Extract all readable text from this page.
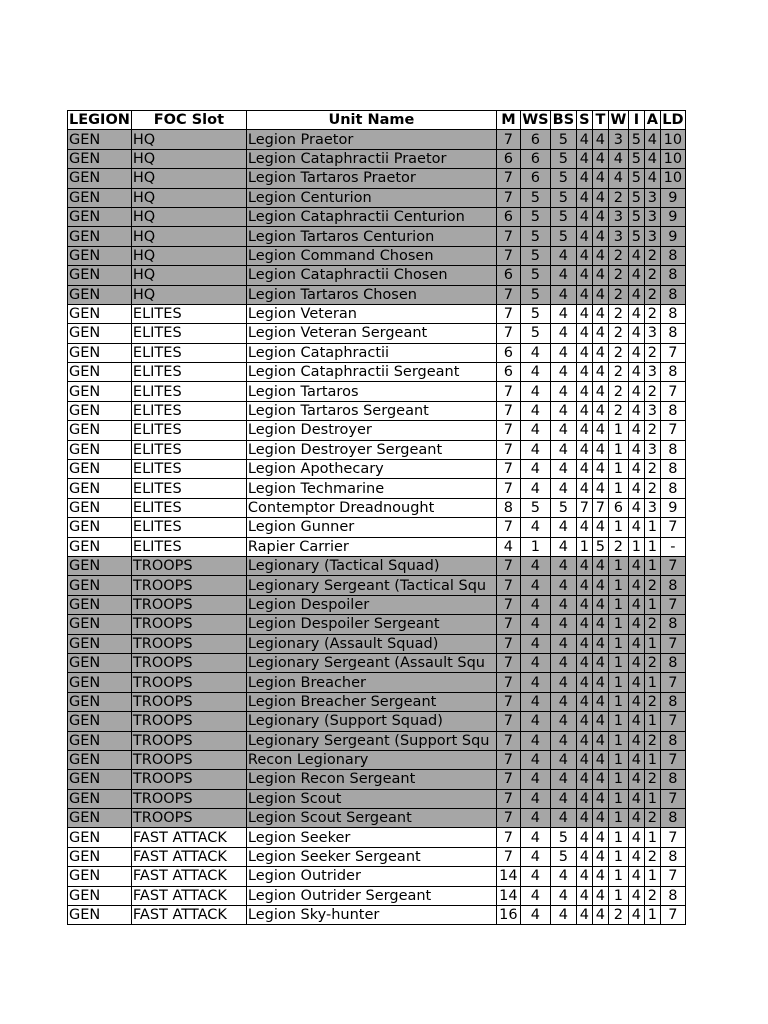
LEGION	FOC Slot	Unit Name	M	WS	BS	S	T	W	I	A	LD
GEN	HQ	Legion Praetor	7	6	5	4	4	3	5	4	10
GEN	HQ	Legion Cataphractii Praetor	6	6	5	4	4	4	5	4	10
GEN	HQ	Legion Tartaros Praetor	7	6	5	4	4	4	5	4	10
GEN	HQ	Legion Centurion	7	5	5	4	4	2	5	3	9
GEN	HQ	Legion Cataphractii Centurion	6	5	5	4	4	3	5	3	9
GEN	HQ	Legion Tartaros Centurion	7	5	5	4	4	3	5	3	9
GEN	HQ	Legion Command Chosen	7	5	4	4	4	2	4	2	8
GEN	HQ	Legion Cataphractii Chosen	6	5	4	4	4	2	4	2	8
GEN	HQ	Legion Tartaros Chosen	7	5	4	4	4	2	4	2	8
GEN	ELITES	Legion Veteran	7	5	4	4	4	2	4	2	8
GEN	ELITES	Legion Veteran Sergeant	7	5	4	4	4	2	4	3	8
GEN	ELITES	Legion Cataphractii	6	4	4	4	4	2	4	2	7
GEN	ELITES	Legion Cataphractii Sergeant	6	4	4	4	4	2	4	3	8
GEN	ELITES	Legion Tartaros	7	4	4	4	4	2	4	2	7
GEN	ELITES	Legion Tartaros Sergeant	7	4	4	4	4	2	4	3	8
GEN	ELITES	Legion Destroyer	7	4	4	4	4	1	4	2	7
GEN	ELITES	Legion Destroyer Sergeant	7	4	4	4	4	1	4	3	8
GEN	ELITES	Legion Apothecary	7	4	4	4	4	1	4	2	8
GEN	ELITES	Legion Techmarine	7	4	4	4	4	1	4	2	8
GEN	ELITES	Contemptor Dreadnought	8	5	5	7	7	6	4	3	9
GEN	ELITES	Legion Gunner	7	4	4	4	4	1	4	1	7
GEN	ELITES	Rapier Carrier	4	1	4	1	5	2	1	1	-
GEN	TROOPS	Legionary (Tactical Squad)	7	4	4	4	4	1	4	1	7
GEN	TROOPS	Legionary Sergeant (Tactical Squ	7	4	4	4	4	1	4	2	8
GEN	TROOPS	Legion Despoiler	7	4	4	4	4	1	4	1	7
GEN	TROOPS	Legion Despoiler Sergeant	7	4	4	4	4	1	4	2	8
GEN	TROOPS	Legionary (Assault Squad)	7	4	4	4	4	1	4	1	7
GEN	TROOPS	Legionary Sergeant (Assault Squ	7	4	4	4	4	1	4	2	8
GEN	TROOPS	Legion Breacher	7	4	4	4	4	1	4	1	7
GEN	TROOPS	Legion Breacher Sergeant	7	4	4	4	4	1	4	2	8
GEN	TROOPS	Legionary (Support Squad)	7	4	4	4	4	1	4	1	7
GEN	TROOPS	Legionary Sergeant (Support Squ	7	4	4	4	4	1	4	2	8
GEN	TROOPS	Recon Legionary	7	4	4	4	4	1	4	1	7
GEN	TROOPS	Legion Recon Sergeant	7	4	4	4	4	1	4	2	8
GEN	TROOPS	Legion Scout	7	4	4	4	4	1	4	1	7
GEN	TROOPS	Legion Scout Sergeant	7	4	4	4	4	1	4	2	8
GEN	FAST ATTACK	Legion Seeker	7	4	5	4	4	1	4	1	7
GEN	FAST ATTACK	Legion Seeker Sergeant	7	4	5	4	4	1	4	2	8
GEN	FAST ATTACK	Legion Outrider	14	4	4	4	4	1	4	1	7
GEN	FAST ATTACK	Legion Outrider Sergeant	14	4	4	4	4	1	4	2	8
GEN	FAST ATTACK	Legion Sky-hunter	16	4	4	4	4	2	4	1	7
